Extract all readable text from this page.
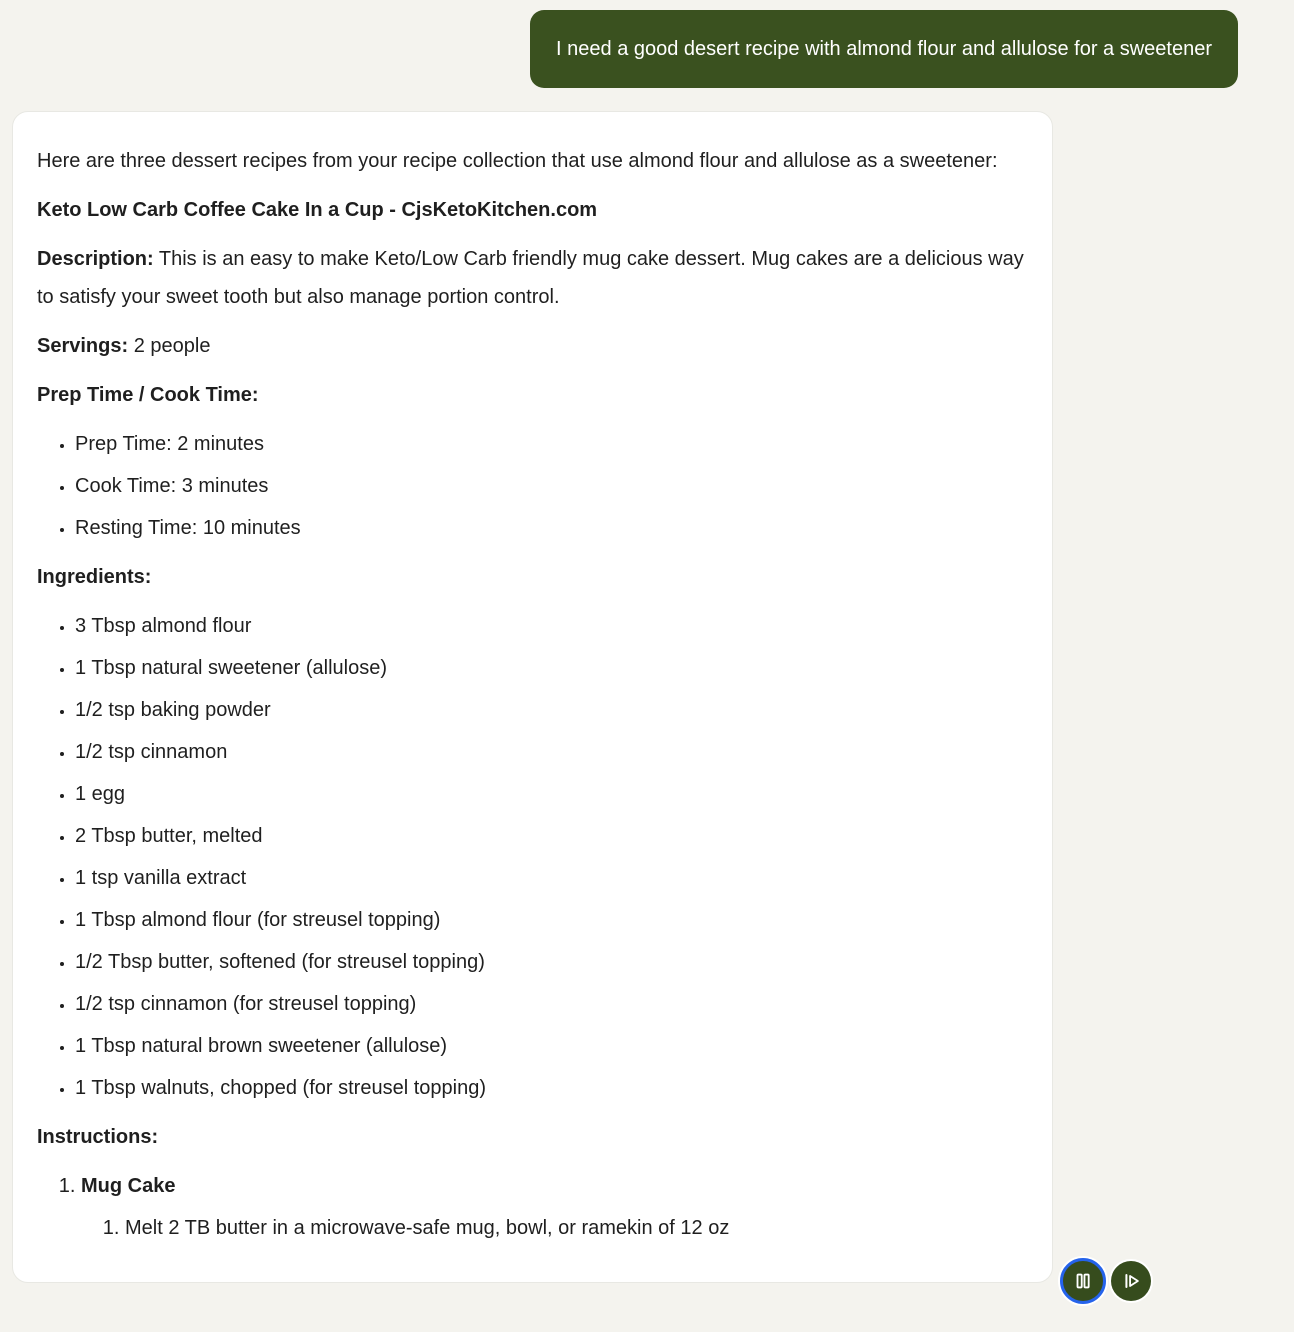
I need a good desert recipe with almond flour and allulose for a sweetener

Here are three dessert recipes from your recipe collection that use almond flour and allulose as a sweetener:

Keto Low Carb Coffee Cake In a Cup - CjsKetoKitchen.com

Description: This is an easy to make Keto/Low Carb friendly mug cake dessert. Mug cakes are a delicious way to satisfy your sweet tooth but also manage portion control.

Servings: 2 people

Prep Time / Cook Time:

• Prep Time: 2 minutes
• Cook Time: 3 minutes
• Resting Time: 10 minutes

Ingredients:

• 3 Tbsp almond flour
• 1 Tbsp natural sweetener (allulose)
• 1/2 tsp baking powder
• 1/2 tsp cinnamon
• 1 egg
• 2 Tbsp butter, melted
• 1 tsp vanilla extract
• 1 Tbsp almond flour (for streusel topping)
• 1/2 Tbsp butter, softened (for streusel topping)
• 1/2 tsp cinnamon (for streusel topping)
• 1 Tbsp natural brown sweetener (allulose)
• 1 Tbsp walnuts, chopped (for streusel topping)

Instructions:

1. Mug Cake
1. Melt 2 TB butter in a microwave-safe mug, bowl, or ramekin of 12 oz
